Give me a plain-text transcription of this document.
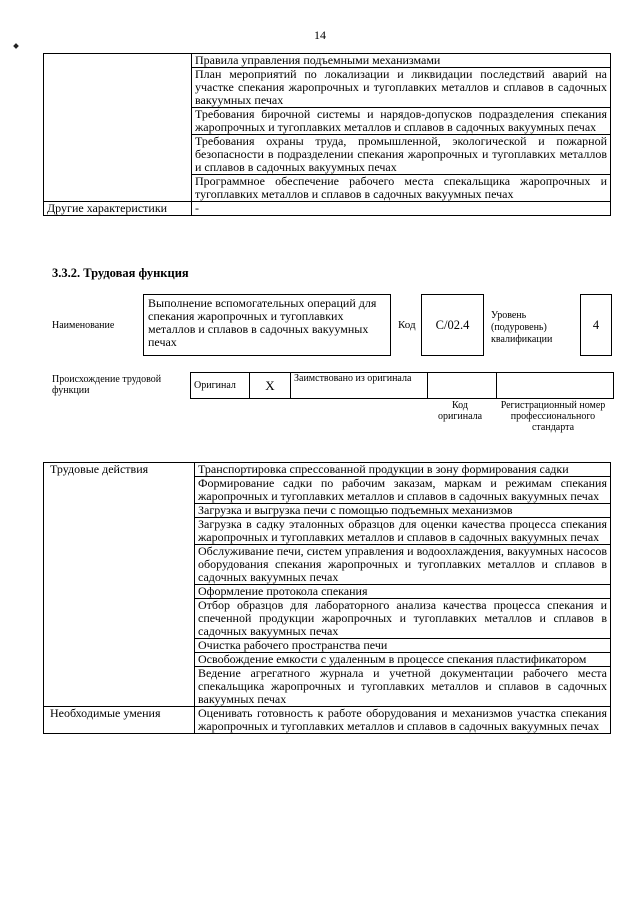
14
	Правила управления подъемными механизмами
	План мероприятий по локализации и ликвидации последствий аварий на участке спекания жаропрочных и тугоплавких металлов и сплавов в садочных вакуумных печах
	Требования бирочной системы и нарядов-допусков подразделения спекания жаропрочных и тугоплавких металлов и сплавов в садочных вакуумных печах
	Требования охраны труда, промышленной, экологической и пожарной безопасности в подразделении спекания жаропрочных и тугоплавких металлов и сплавов в садочных вакуумных печах
	Программное обеспечение рабочего места спекальщика жаропрочных и тугоплавких металлов и сплавов в садочных вакуумных печах
Другие характеристики	-
3.3.2. Трудовая функция
Наименование
Выполнение вспомогательных операций для спекания жаропрочных и тугоплавких металлов и сплавов в садочных вакуумных печах
Код	C/02.4
Уровень (подуровень) квалификации
4
Происхождение трудовой функции	Оригинал	X	Заимствовано из оригинала		
Код оригинала
Регистрационный номер профессионального стандарта
Трудовые действия	Транспортировка спрессованной продукции в зону формирования садки
	Формирование садки по рабочим заказам, маркам и режимам спекания жаропрочных и тугоплавких металлов и сплавов в садочных вакуумных печах
	Загрузка и выгрузка печи с помощью подъемных механизмов
	Загрузка в садку эталонных образцов для оценки качества процесса спекания жаропрочных и тугоплавких металлов и сплавов в садочных вакуумных печах
	Обслуживание печи, систем управления и водоохлаждения, вакуумных насосов оборудования спекания жаропрочных и тугоплавких металлов и сплавов в садочных вакуумных печах
	Оформление протокола спекания
	Отбор образцов для лабораторного анализа качества процесса спекания и спеченной продукции жаропрочных и тугоплавких металлов и сплавов в садочных вакуумных печах
	Очистка рабочего пространства печи
	Освобождение емкости с удаленным в процессе спекания пластификатором
	Ведение агрегатного журнала и учетной документации рабочего места спекальщика жаропрочных и тугоплавких металлов и сплавов в садочных вакуумных печах
Необходимые умения	Оценивать готовность к работе оборудования и механизмов участка спекания жаропрочных и тугоплавких металлов и сплавов в садочных вакуумных печах
